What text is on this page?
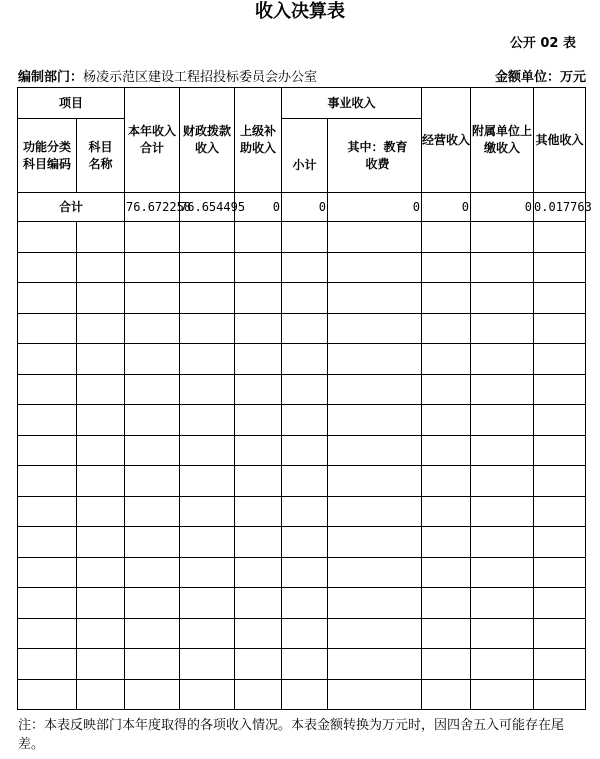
收入决算表
公开 02 表
编制部门：杨凌示范区建设工程招投标委员会办公室	金额单位：万元
项目		本年收入合计	财政拨款收入	上级补助收入	事业收入		经营收入	附属单位上缴收入	其他收入
功能分类科目编码	科目名称				小计	其中：教育收费			
合计		76.672258	76.654495	0	0	0	0	0	0.017763

注：本表反映部门本年度取得的各项收入情况。本表金额转换为万元时，因四舍五入可能存在尾差。
